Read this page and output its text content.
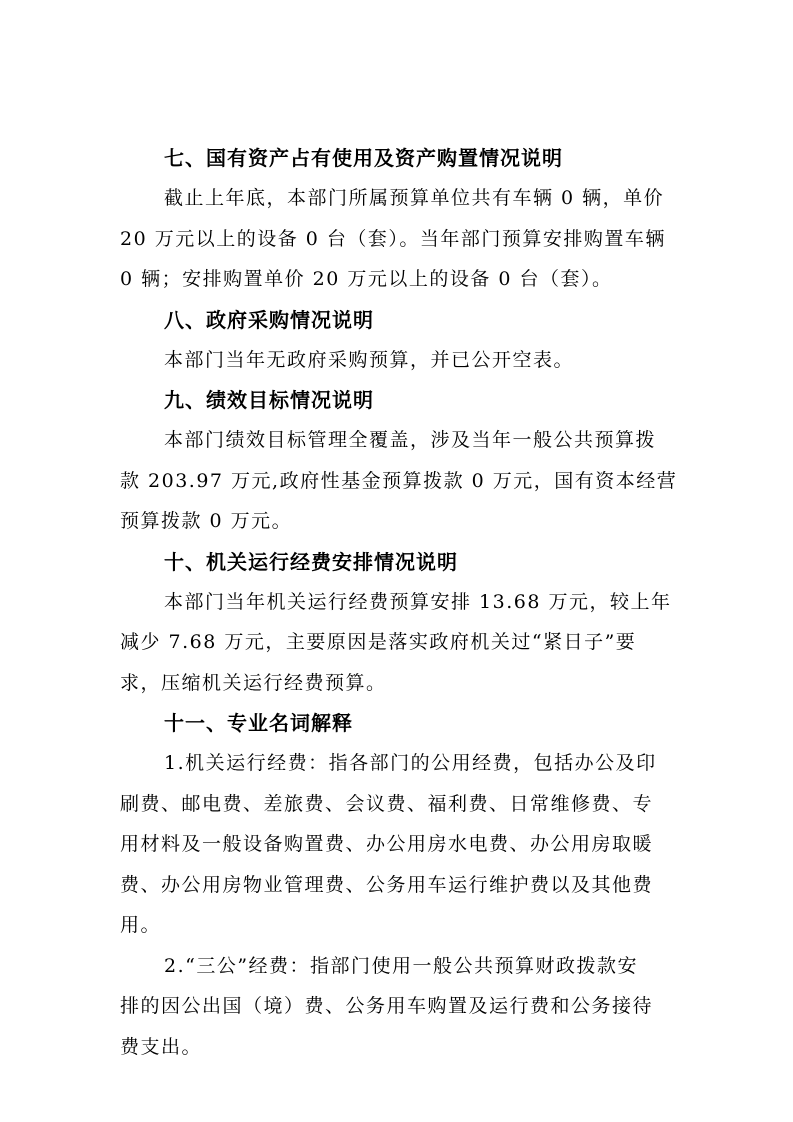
七、国有资产占有使用及资产购置情况说明
截止上年底，本部门所属预算单位共有车辆 0 辆，单价
20 万元以上的设备 0 台（套）。当年部门预算安排购置车辆
0 辆；安排购置单价 20 万元以上的设备 0 台（套）。
八、政府采购情况说明
本部门当年无政府采购预算，并已公开空表。
九、绩效目标情况说明
本部门绩效目标管理全覆盖，涉及当年一般公共预算拨
款 203.97 万元,政府性基金预算拨款 0 万元，国有资本经营
预算拨款 0 万元。
十、机关运行经费安排情况说明
本部门当年机关运行经费预算安排 13.68 万元，较上年
减少 7.68 万元，主要原因是落实政府机关过“紧日子”要
求，压缩机关运行经费预算。
十一、专业名词解释
1.机关运行经费：指各部门的公用经费，包括办公及印
刷费、邮电费、差旅费、会议费、福利费、日常维修费、专
用材料及一般设备购置费、办公用房水电费、办公用房取暖
费、办公用房物业管理费、公务用车运行维护费以及其他费
用。
2.“三公”经费：指部门使用一般公共预算财政拨款安
排的因公出国（境）费、公务用车购置及运行费和公务接待
费支出。
